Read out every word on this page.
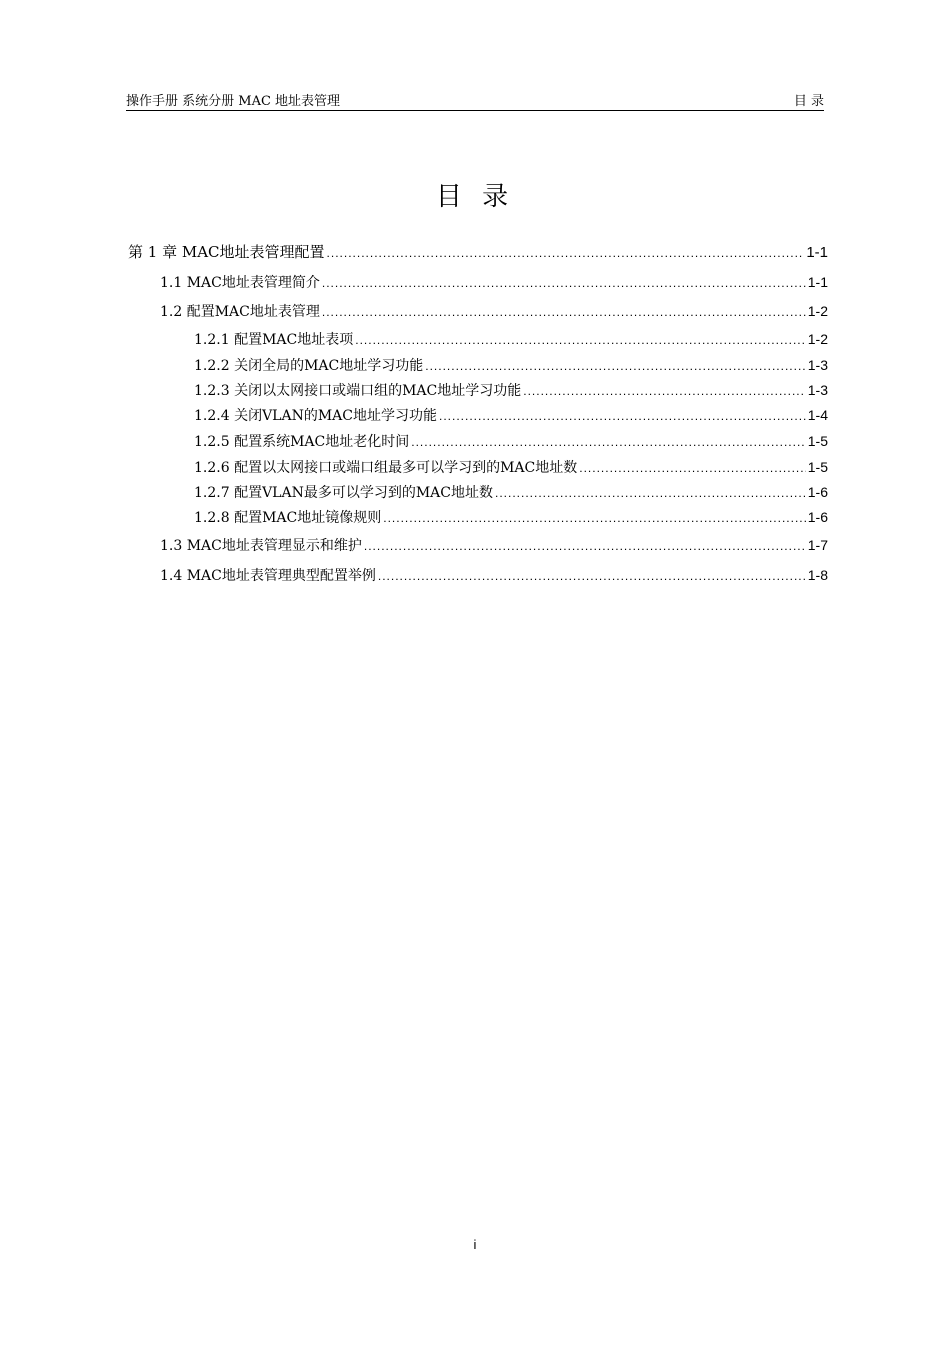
操作手册 系统分册 MAC 地址表管理	目 录
目 录
第 1 章 MAC地址表管理配置 .....	1-1
1.1 MAC地址表管理简介 .....	1-1
1.2 配置MAC地址表管理 .....	1-2
1.2.1 配置MAC地址表项 .....	1-2
1.2.2 关闭全局的MAC地址学习功能 .....	1-3
1.2.3 关闭以太网接口或端口组的MAC地址学习功能 .....	1-3
1.2.4 关闭VLAN的MAC地址学习功能 .....	1-4
1.2.5 配置系统MAC地址老化时间 .....	1-5
1.2.6 配置以太网接口或端口组最多可以学习到的MAC地址数 .....	1-5
1.2.7 配置VLAN最多可以学习到的MAC地址数 .....	1-6
1.2.8 配置MAC地址镜像规则 .....	1-6
1.3 MAC地址表管理显示和维护 .....	1-7
1.4 MAC地址表管理典型配置举例 .....	1-8
i
